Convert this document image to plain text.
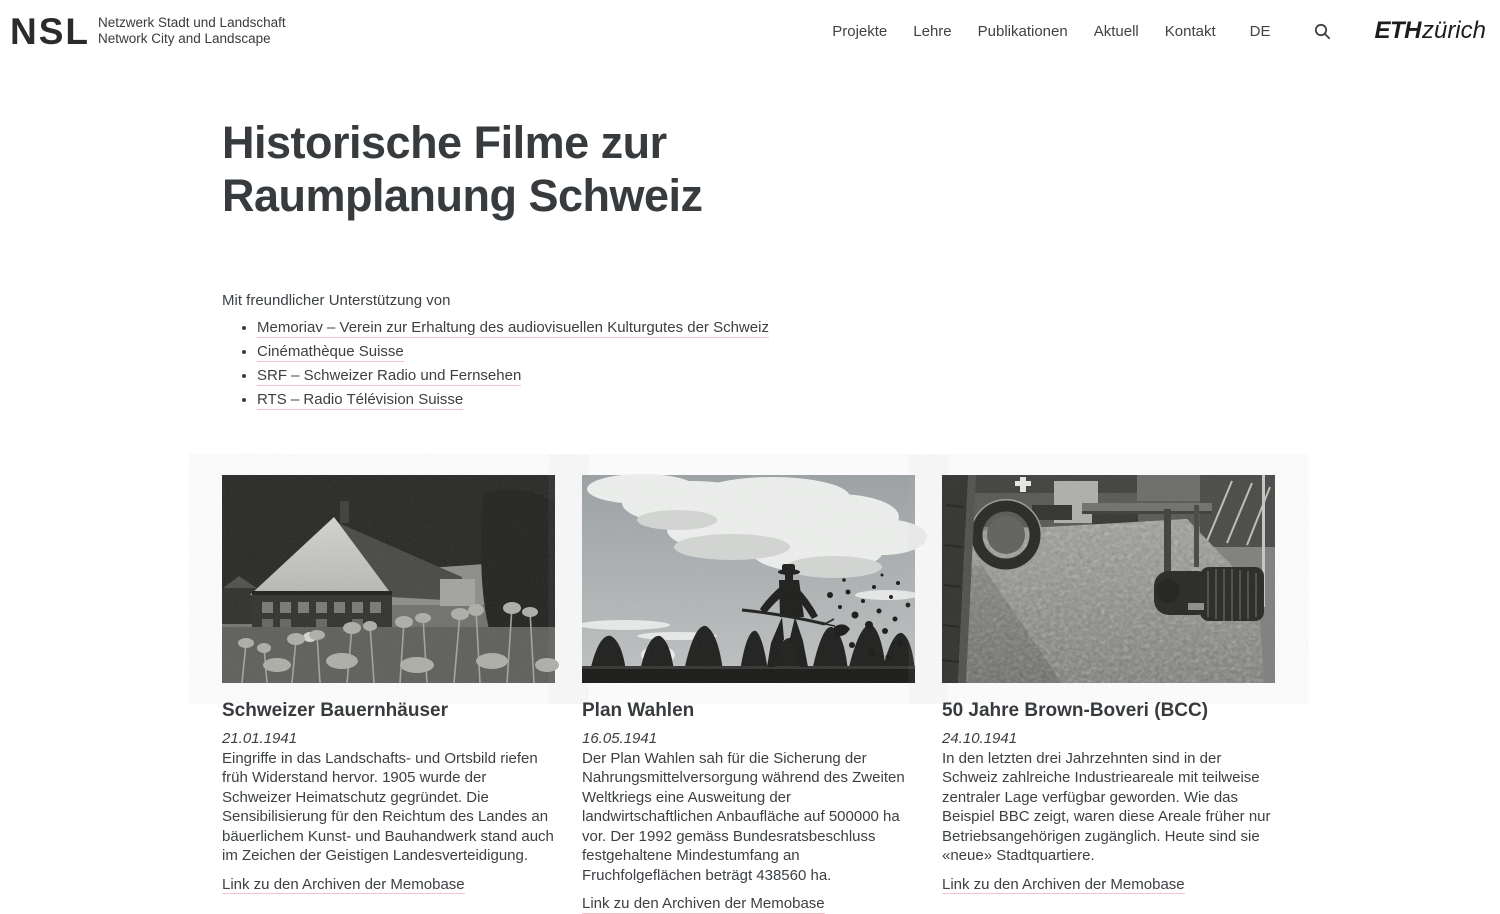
NSL Netzwerk Stadt und Landschaft
Network City and Landscape	Projekte Lehre Publikationen Aktuell Kontakt DE	ETHzürich
Historische Filme zur Raumplanung Schweiz

Mit freundlicher Unterstützung von

• Memoriav – Verein zur Erhaltung des audiovisuellen Kulturgutes der Schweiz
• Cinémathèque Suisse
• SRF – Schweizer Radio und Fernsehen
• RTS – Radio Télévision Suisse
Schweizer Bauernhäuser

21.01.1941

Eingriffe in das Landschafts- und Ortsbild riefen früh Widerstand hervor. 1905 wurde der Schweizer Heimatschutz gegründet. Die Sensibilisierung für den Reichtum des Landes an bäuerlichem Kunst- und Bauhandwerk stand auch im Zeichen der Geistigen Landesverteidigung.

Link zu den Archiven der Memobase
Plan Wahlen

16.05.1941

Der Plan Wahlen sah für die Sicherung der Nahrungsmittelversorgung während des Zweiten Weltkriegs eine Ausweitung der landwirtschaftlichen Anbaufläche auf 500000 ha vor. Der 1992 gemäss Bundesratsbeschluss festgehaltene Mindestumfang an Fruchfolgeflächen beträgt 438560 ha.

Link zu den Archiven der Memobase
50 Jahre Brown-Boveri (BCC)

24.10.1941

In den letzten drei Jahrzehnten sind in der Schweiz zahlreiche Industrieareale mit teilweise zentraler Lage verfügbar geworden. Wie das Beispiel BBC zeigt, waren diese Areale früher nur Betriebsangehörigen zugänglich. Heute sind sie «neue» Stadtquartiere.

Link zu den Archiven der Memobase
